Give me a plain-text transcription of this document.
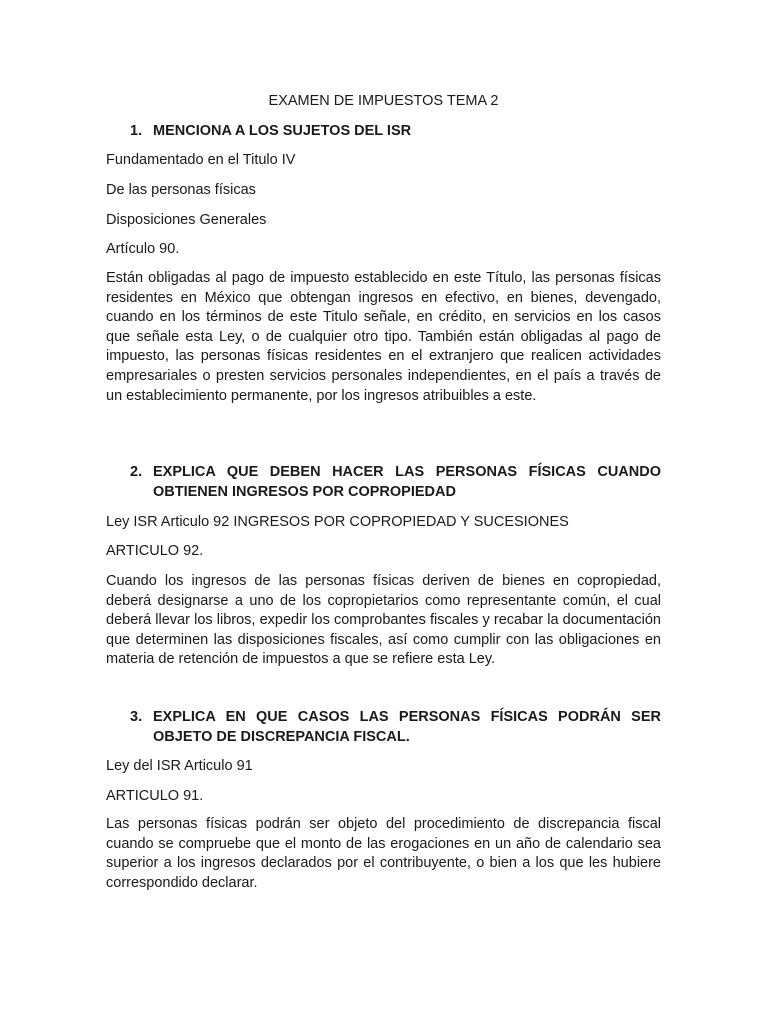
EXAMEN DE IMPUESTOS TEMA 2
1. MENCIONA A LOS SUJETOS DEL ISR

Fundamentado en el Titulo IV

De las personas físicas

Disposiciones Generales

Artículo 90.

Están obligadas al pago de impuesto establecido en este Título, las personas físicas residentes en México que obtengan ingresos en efectivo, en bienes, devengado, cuando en los términos de este Titulo señale, en crédito, en servicios en los casos que señale esta Ley, o de cualquier otro tipo. También están obligadas al pago de impuesto, las personas físicas residentes en el extranjero que realicen actividades empresariales o presten servicios personales independientes, en el país a través de un establecimiento permanente, por los ingresos atribuibles a este.

2. EXPLICA QUE DEBEN HACER LAS PERSONAS FÍSICAS CUANDO OBTIENEN INGRESOS POR COPROPIEDAD

Ley ISR Articulo 92 INGRESOS POR COPROPIEDAD Y SUCESIONES

ARTICULO 92.

Cuando los ingresos de las personas físicas deriven de bienes en copropiedad, deberá designarse a uno de los copropietarios como representante común, el cual deberá llevar los libros, expedir los comprobantes fiscales y recabar la documentación que determinen las disposiciones fiscales, así como cumplir con las obligaciones en materia de retención de impuestos a que se refiere esta Ley.

3. EXPLICA EN QUE CASOS LAS PERSONAS FÍSICAS PODRÁN SER OBJETO DE DISCREPANCIA FISCAL.

Ley del ISR Articulo 91

ARTICULO 91.

Las personas físicas podrán ser objeto del procedimiento de discrepancia fiscal cuando se compruebe que el monto de las erogaciones en un año de calendario sea superior a los ingresos declarados por el contribuyente, o bien a los que les hubiere correspondido declarar.
